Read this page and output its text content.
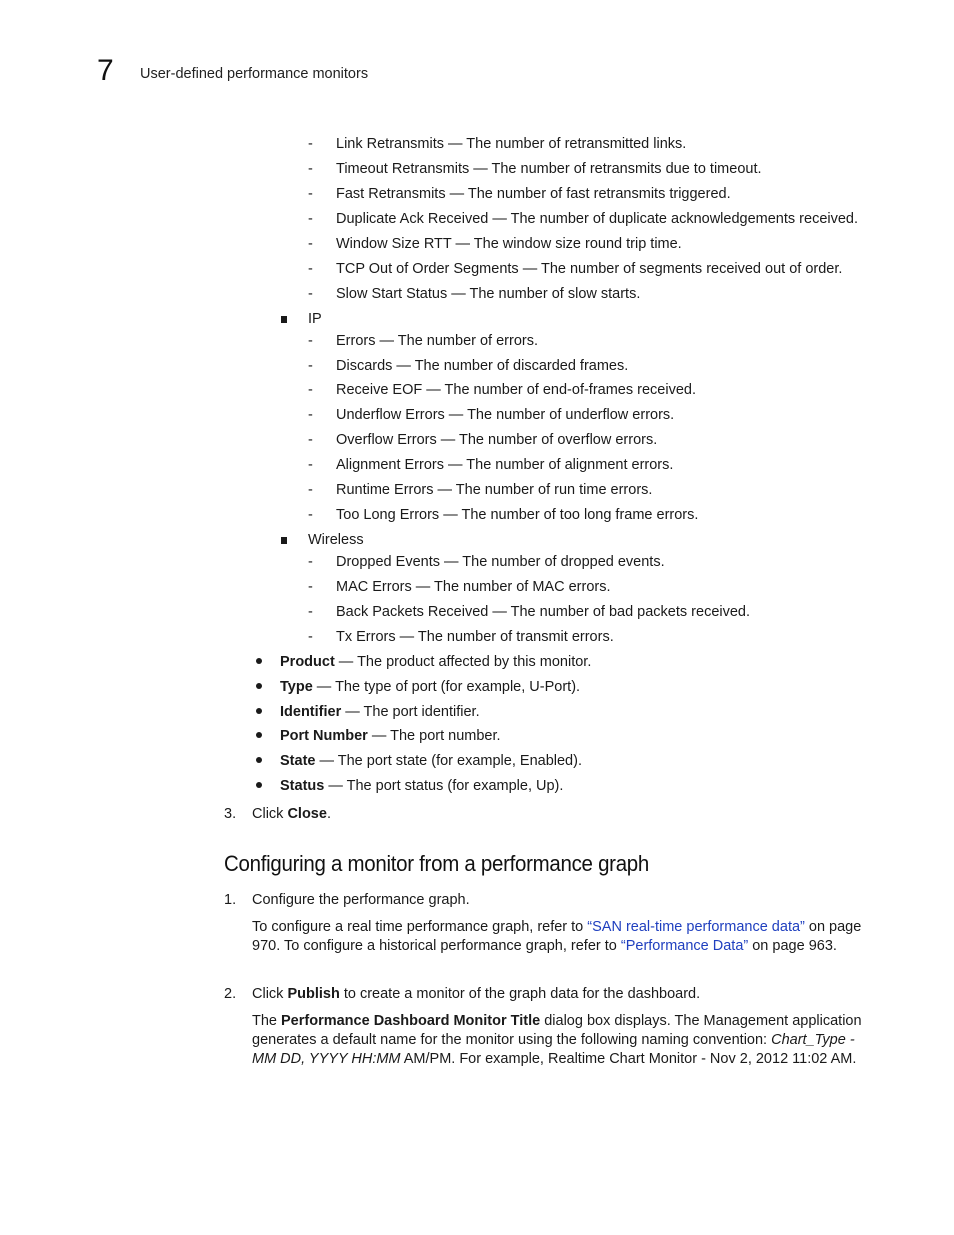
7 User-defined performance monitors
-	Link Retransmits — The number of retransmitted links.
-	Timeout Retransmits — The number of retransmits due to timeout.
-	Fast Retransmits — The number of fast retransmits triggered.
-	Duplicate Ack Received — The number of duplicate acknowledgements received.
-	Window Size RTT — The window size round trip time.
-	TCP Out of Order Segments — The number of segments received out of order.
-	Slow Start Status — The number of slow starts.
IP
-	Errors — The number of errors.
-	Discards — The number of discarded frames.
-	Receive EOF — The number of end-of-frames received.
-	Underflow Errors — The number of underflow errors.
-	Overflow Errors — The number of overflow errors.
-	Alignment Errors — The number of alignment errors.
-	Runtime Errors — The number of run time errors.
-	Too Long Errors — The number of too long frame errors.
Wireless
-	Dropped Events — The number of dropped events.
-	MAC Errors — The number of MAC errors.
-	Back Packets Received — The number of bad packets received.
-	Tx Errors — The number of transmit errors.
Product — The product affected by this monitor.
Type — The type of port (for example, U-Port).
Identifier — The port identifier.
Port Number — The port number.
State — The port state (for example, Enabled).
Status — The port status (for example, Up).
3. Click Close.
Configuring a monitor from a performance graph
1. Configure the performance graph.
To configure a real time performance graph, refer to “SAN real-time performance data” on page 970. To configure a historical performance graph, refer to “Performance Data” on page 963.
2. Click Publish to create a monitor of the graph data for the dashboard.
The Performance Dashboard Monitor Title dialog box displays. The Management application generates a default name for the monitor using the following naming convention: Chart_Type - MM DD, YYYY HH:MM AM/PM. For example, Realtime Chart Monitor - Nov 2, 2012 11:02 AM.
